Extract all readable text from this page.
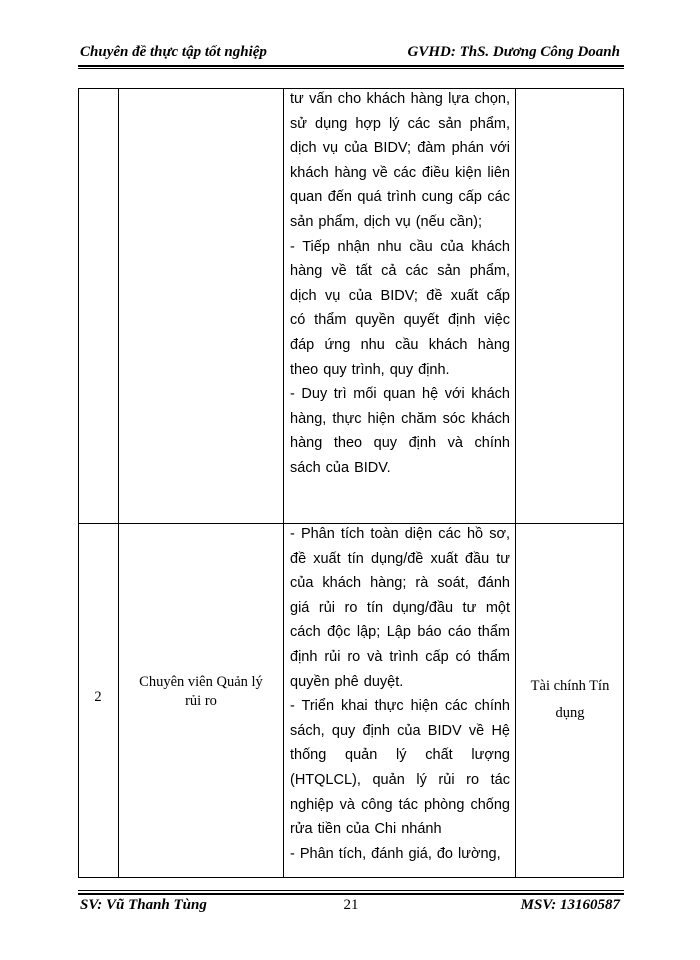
Chuyên đề thực tập tốt nghiệp	GVHD: ThS. Dương Công Doanh

tư vấn cho khách hàng lựa chọn, sử dụng hợp lý các sản phẩm, dịch vụ của BIDV; đàm phán với khách hàng về các điều kiện liên quan đến quá trình cung cấp các sản phẩm, dịch vụ (nếu cần);

- Tiếp nhận nhu cầu của khách hàng về tất cả các sản phẩm, dịch vụ của BIDV; đề xuất cấp có thẩm quyền quyết định việc đáp ứng nhu cầu khách hàng theo quy trình, quy định.

- Duy trì mối quan hệ với khách hàng, thực hiện chăm sóc khách hàng theo quy định và chính sách của BIDV.

2
Chuyên viên Quản lý rủi ro

- Phân tích toàn diện các hồ sơ, đề xuất tín dụng/đề xuất đầu tư của khách hàng; rà soát, đánh giá rủi ro tín dụng/đầu tư một cách độc lập; Lập báo cáo thẩm định rủi ro và trình cấp có thẩm quyền phê duyệt.

- Triển khai thực hiện các chính sách, quy định của BIDV về Hệ thống quản lý chất lượng (HTQLCL), quản lý rủi ro tác nghiệp và công tác phòng chống rửa tiền của Chi nhánh

- Phân tích, đánh giá, đo lường,

Tài chính Tín dụng
21
SV: Vũ Thanh Tùng	MSV: 13160587
